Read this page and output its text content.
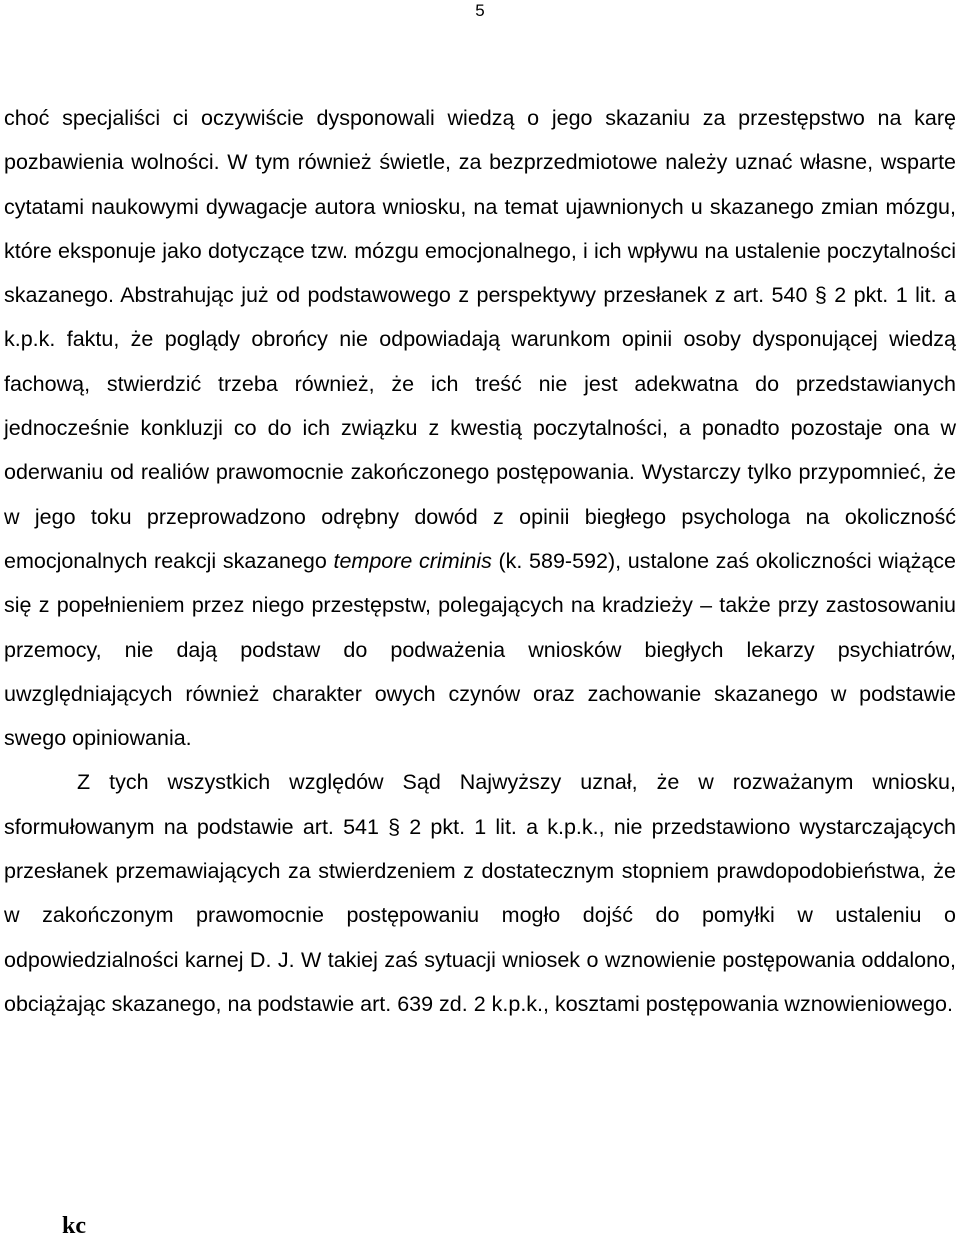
5

choć specjaliści ci oczywiście dysponowali wiedzą o jego skazaniu za przestępstwo na karę pozbawienia wolności. W tym również świetle, za bezprzedmiotowe należy uznać własne, wsparte cytatami naukowymi dywagacje autora wniosku, na temat ujawnionych u skazanego zmian mózgu, które eksponuje jako dotyczące tzw. mózgu emocjonalnego, i ich wpływu na ustalenie poczytalności skazanego. Abstrahując już od podstawowego z perspektywy przesłanek z art. 540 § 2 pkt. 1 lit. a k.p.k. faktu, że poglądy obrońcy nie odpowiadają warunkom opinii osoby dysponującej wiedzą fachową, stwierdzić trzeba również, że ich treść nie jest adekwatna do przedstawianych jednocześnie konkluzji co do ich związku z kwestią poczytalności, a ponadto pozostaje ona w oderwaniu od realiów prawomocnie zakończonego postępowania. Wystarczy tylko przypomnieć, że w jego toku przeprowadzono odrębny dowód z opinii biegłego psychologa na okoliczność emocjonalnych reakcji skazanego tempore criminis (k. 589-592), ustalone zaś okoliczności wiążące się z popełnieniem przez niego przestępstw, polegających na kradzieży – także przy zastosowaniu przemocy, nie dają podstaw do podważenia wniosków biegłych lekarzy psychiatrów, uwzględniających również charakter owych czynów oraz zachowanie skazanego w podstawie swego opiniowania.

Z tych wszystkich względów Sąd Najwyższy uznał, że w rozważanym wniosku, sformułowanym na podstawie art. 541 § 2 pkt. 1 lit. a k.p.k., nie przedstawiono wystarczających przesłanek przemawiających za stwierdzeniem z dostatecznym stopniem prawdopodobieństwa, że w zakończonym prawomocnie postępowaniu mogło dojść do pomyłki w ustaleniu o odpowiedzialności karnej D. J. W takiej zaś sytuacji wniosek o wznowienie postępowania oddalono, obciążając skazanego, na podstawie art. 639 zd. 2 k.p.k., kosztami postępowania wznowieniowego.

kc
